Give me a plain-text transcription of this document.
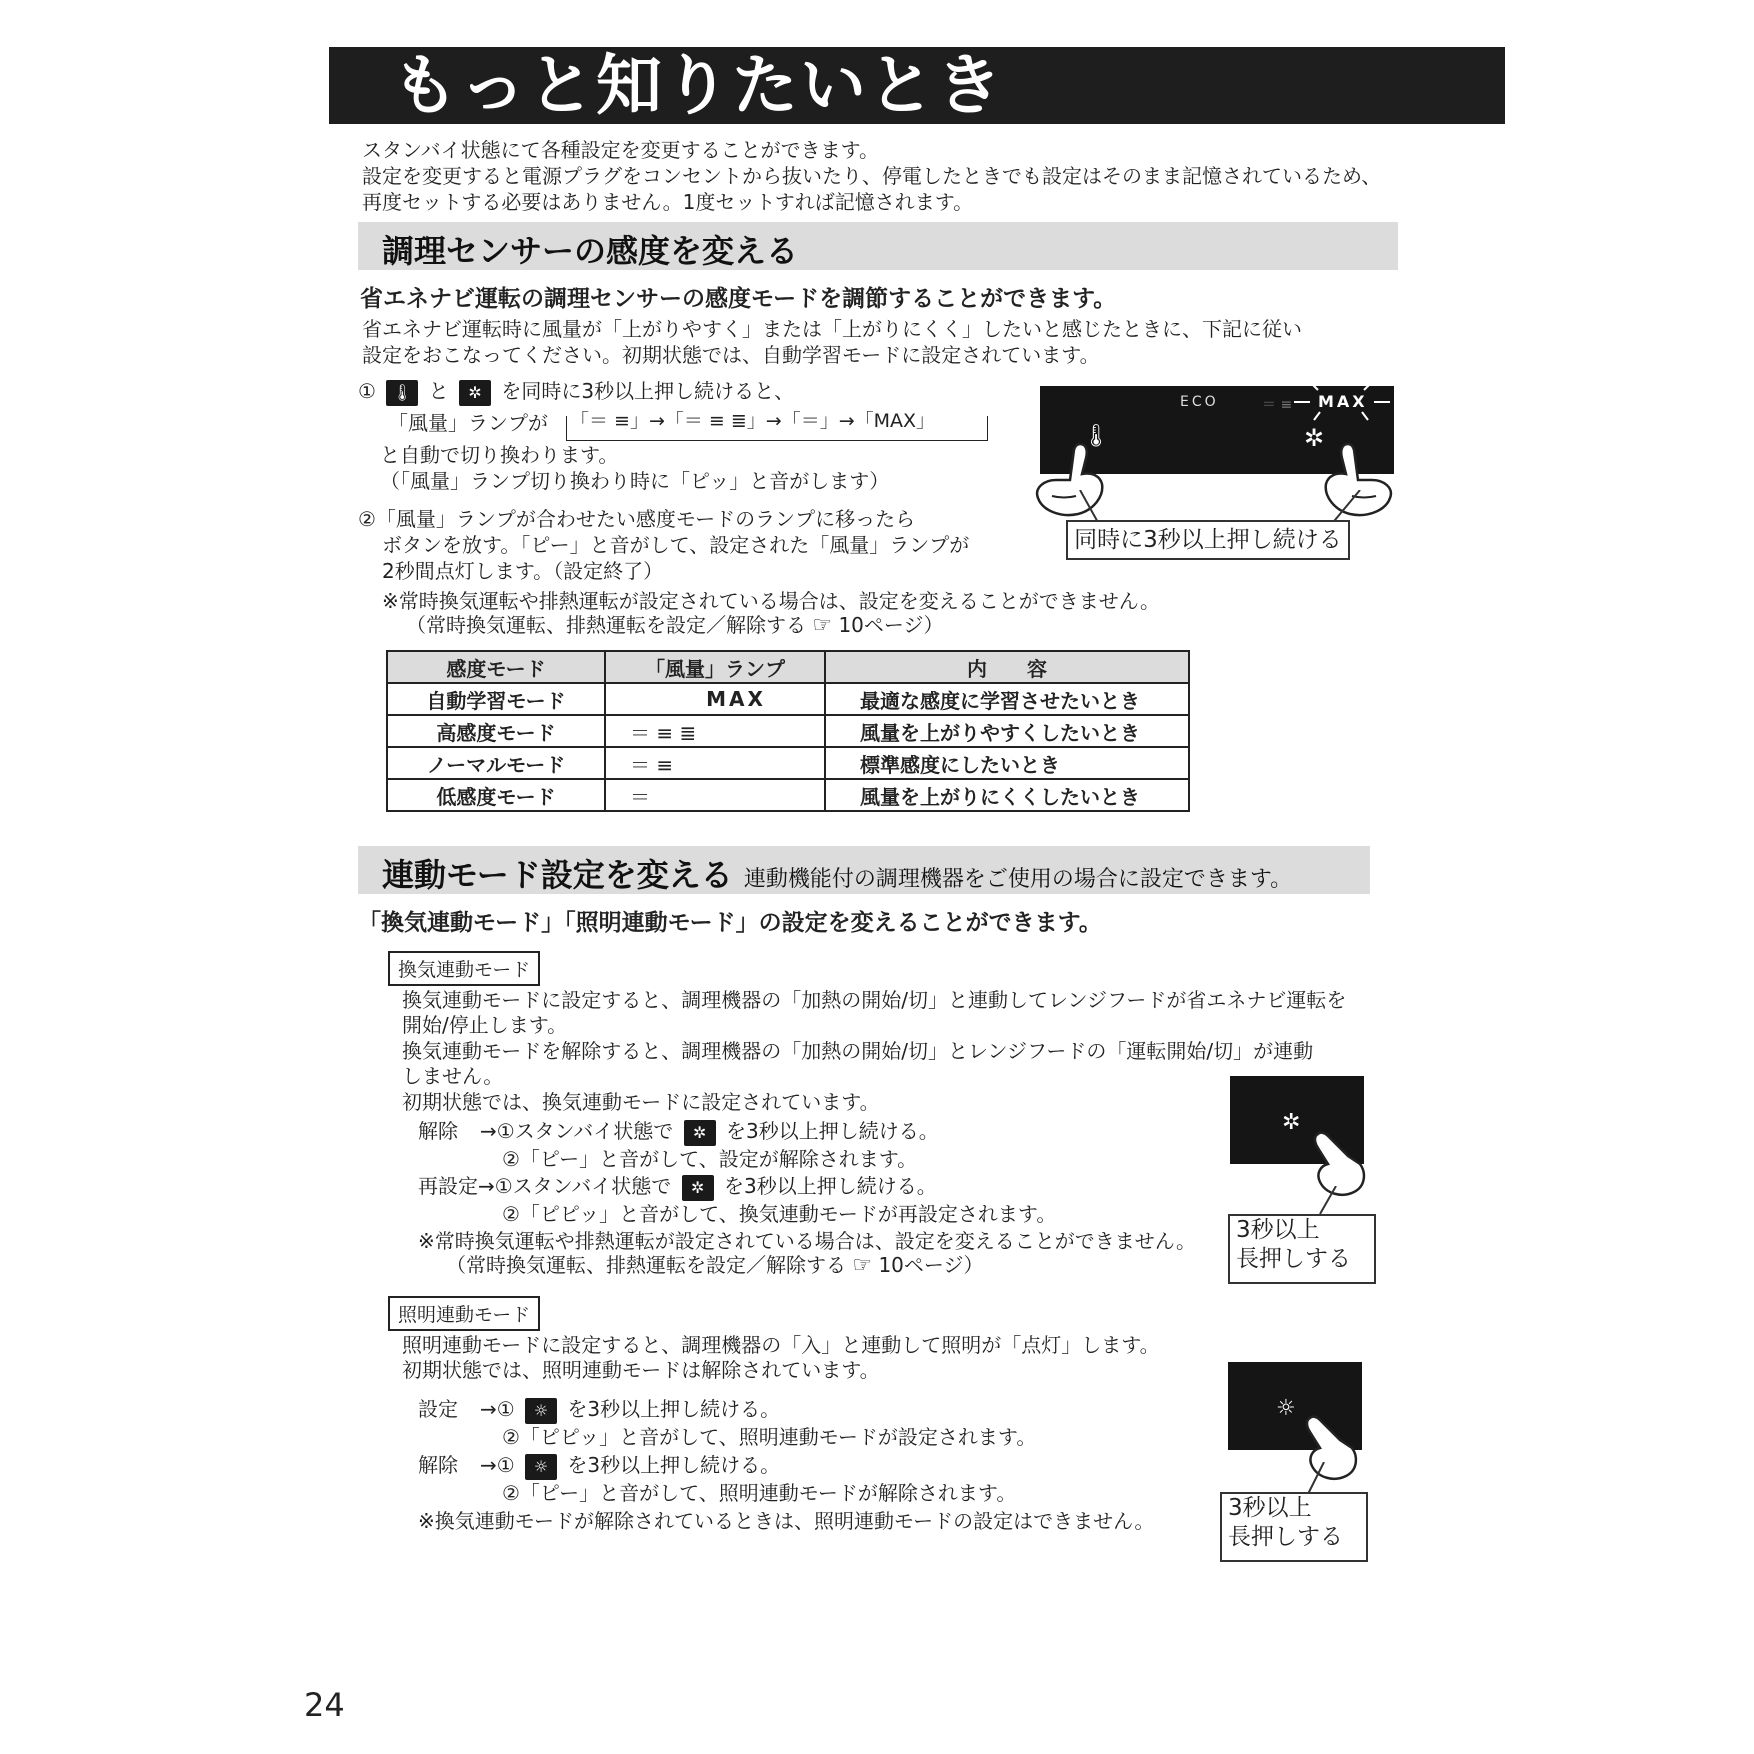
もっと知りたいとき
スタンバイ状態にて各種設定を変更することができます。
設定を変更すると電源プラグをコンセントから抜いたり、停電したときでも設定はそのまま記憶されているため、
再度セットする必要はありません。1度セットすれば記憶されます。
調理センサーの感度を変える
省エネナビ運転の調理センサーの感度モードを調節することができます。
省エネナビ運転時に風量が「上がりやすく」または「上がりにくく」したいと感じたときに、下記に従い
設定をおこなってください。初期状態では、自動学習モードに設定されています。
① 🌡 と ✲ を同時に3秒以上押し続けると、
「風量」ランプが 「＝ ≡」→「＝ ≡ ≣」→「＝」→「MAX」
と自動で切り換わります。
（「風量」ランプ切り換わり時に「ピッ」と音がします）
②「風量」ランプが合わせたい感度モードのランプに移ったら
ボタンを放す。「ピー」と音がして、設定された「風量」ランプが
2秒間点灯します。（設定終了）
※常時換気運転や排熱運転が設定されている場合は、設定を変えることができません。
（常時換気運転、排熱運転を設定／解除する ☞ 10ページ）
ECO	＝ ≡ MAX
🌡	✲
同時に3秒以上押し続ける
感度モード	「風量」ランプ	内　　容
自動学習モード	MAX	最適な感度に学習させたいとき
高感度モード	＝ ≡ ≣	風量を上がりやすくしたいとき
ノーマルモード	＝ ≡	標準感度にしたいとき
低感度モード	＝	風量を上がりにくくしたいとき
連動モード設定を変える 連動機能付の調理機器をご使用の場合に設定できます。
「換気連動モード」「照明連動モード」の設定を変えることができます。
換気連動モード
換気連動モードに設定すると、調理機器の「加熱の開始/切」と連動してレンジフードが省エネナビ運転を
開始/停止します。
換気連動モードを解除すると、調理機器の「加熱の開始/切」とレンジフードの「運転開始/切」が連動
しません。
初期状態では、換気連動モードに設定されています。
解除 →①スタンバイ状態で ✲ を3秒以上押し続ける。
②「ピー」と音がして、設定が解除されます。
再設定→①スタンバイ状態で ✲ を3秒以上押し続ける。
②「ピピッ」と音がして、換気連動モードが再設定されます。
※常時換気運転や排熱運転が設定されている場合は、設定を変えることができません。
（常時換気運転、排熱運転を設定／解除する ☞ 10ページ）
✲
3秒以上
長押しする
照明連動モード
照明連動モードに設定すると、調理機器の「入」と連動して照明が「点灯」します。
初期状態では、照明連動モードは解除されています。
設定 →① ☼ を3秒以上押し続ける。
②「ピピッ」と音がして、照明連動モードが設定されます。
解除 →① ☼ を3秒以上押し続ける。
②「ピー」と音がして、照明連動モードが解除されます。
※換気連動モードが解除されているときは、照明連動モードの設定はできません。
☼
3秒以上
長押しする
24
